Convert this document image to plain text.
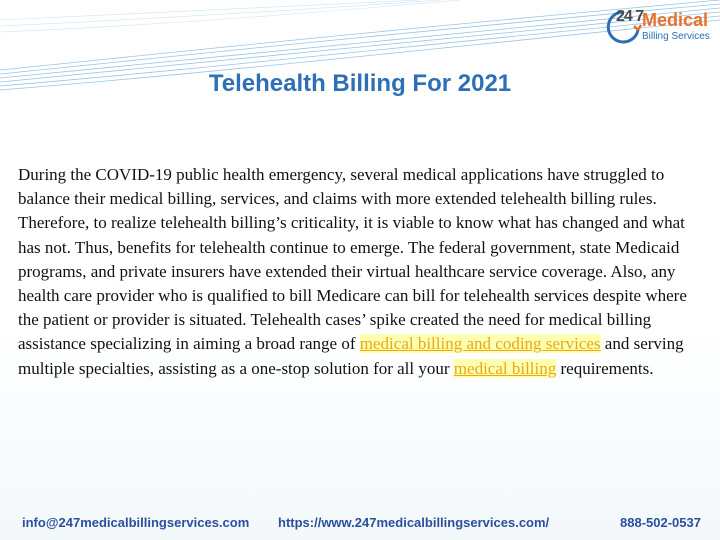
24 7
Medical
Billing Services
Telehealth Billing For 2021

During the COVID-19 public health emergency, several medical applications have struggled to balance their medical billing, services, and claims with more extended telehealth billing rules. Therefore, to realize telehealth billing’s criticality, it is viable to know what has changed and what has not. Thus, benefits for telehealth continue to emerge. The federal government, state Medicaid programs, and private insurers have extended their virtual healthcare service coverage. Also, any health care provider who is qualified to bill Medicare can bill for telehealth services despite where the patient or provider is situated. Telehealth cases’ spike created the need for medical billing assistance specializing in aiming a broad range of medical billing and coding services and serving multiple specialties, assisting as a one-stop solution for all your medical billing requirements.

info@247medicalbillingservices.com https://www.247medicalbillingservices.com/	888-502-0537
